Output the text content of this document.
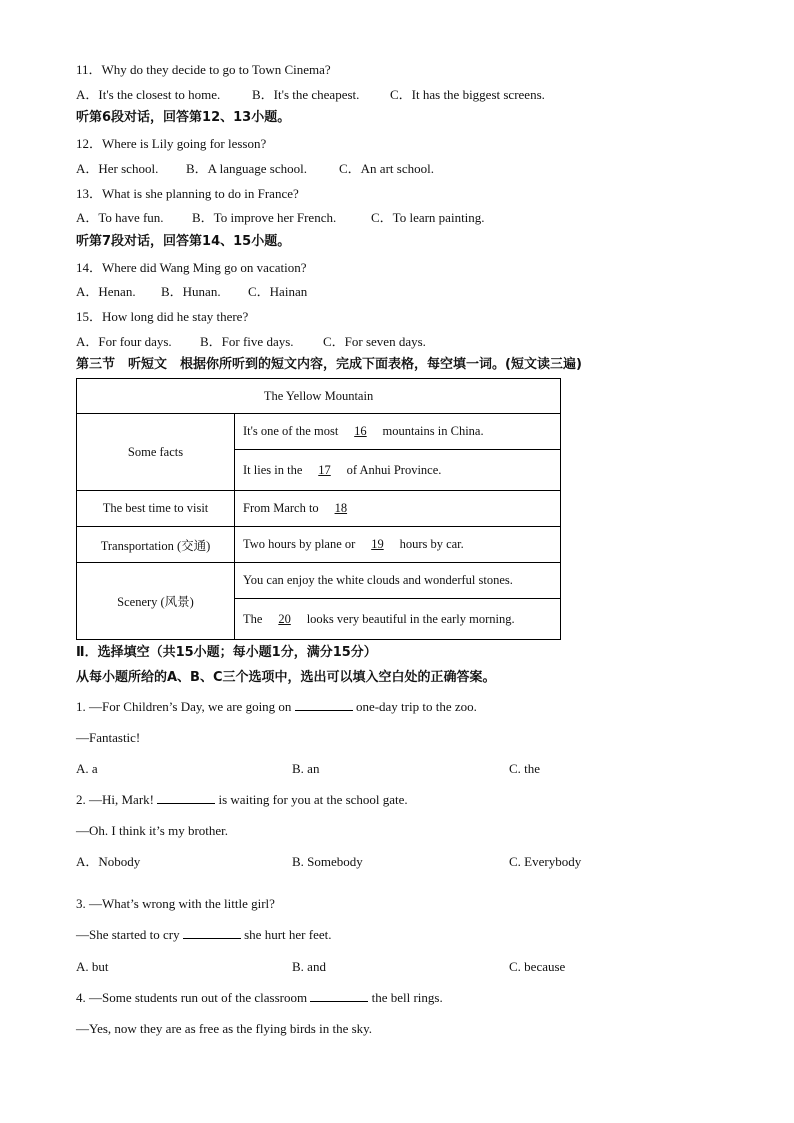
11．Why do they decide to go to Town Cinema?
A．It's the closest to home. B．It's the cheapest. C．It has the biggest screens.
听第6段对话，回答第12、13小题。
12．Where is Lily going for lesson?
A．Her school. B．A language school. C．An art school.
13．What is she planning to do in France?
A．To have fun. B．To improve her French.	C．To learn painting.
听第7段对话，回答第14、15小题。
14．Where did Wang Ming go on vacation?
A．Henan. B．Hunan. C．Hainan
15．How long did he stay there?
A．For four days. B．For five days. C．For seven days.
第三节　听短文　根据你所听到的短文内容，完成下面表格，每空填一词。(短文读三遍)
The Yellow Mountain	
Some facts	It's one of the most 16 mountains in China.
	It lies in the 17 of Anhui Province.
The best time to visit	From March to 18
Transportation (交通)	Two hours by plane or 19 hours by car.
Scenery (风景)	You can enjoy the white clouds and wonderful stones.
	The 20 looks very beautiful in the early morning.
Ⅱ．选择填空（共15小题；每小题1分，满分15分）
从每小题所给的A、B、C三个选项中，选出可以填入空白处的正确答案。
1. —For Children’s Day, we are going on	one-day trip to the zoo.
—Fantastic!
A. a	B. an	C. the
2. —Hi, Mark!	is waiting for you at the school gate.
—Oh. I think it’s my brother.
A．Nobody	B. Somebody	C. Everybody
3. —What’s wrong with the little girl?
—She started to cry	she hurt her feet.
A. but	B. and	C. because
4. —Some students run out of the classroom	the bell rings.
—Yes, now they are as free as the flying birds in the sky.
